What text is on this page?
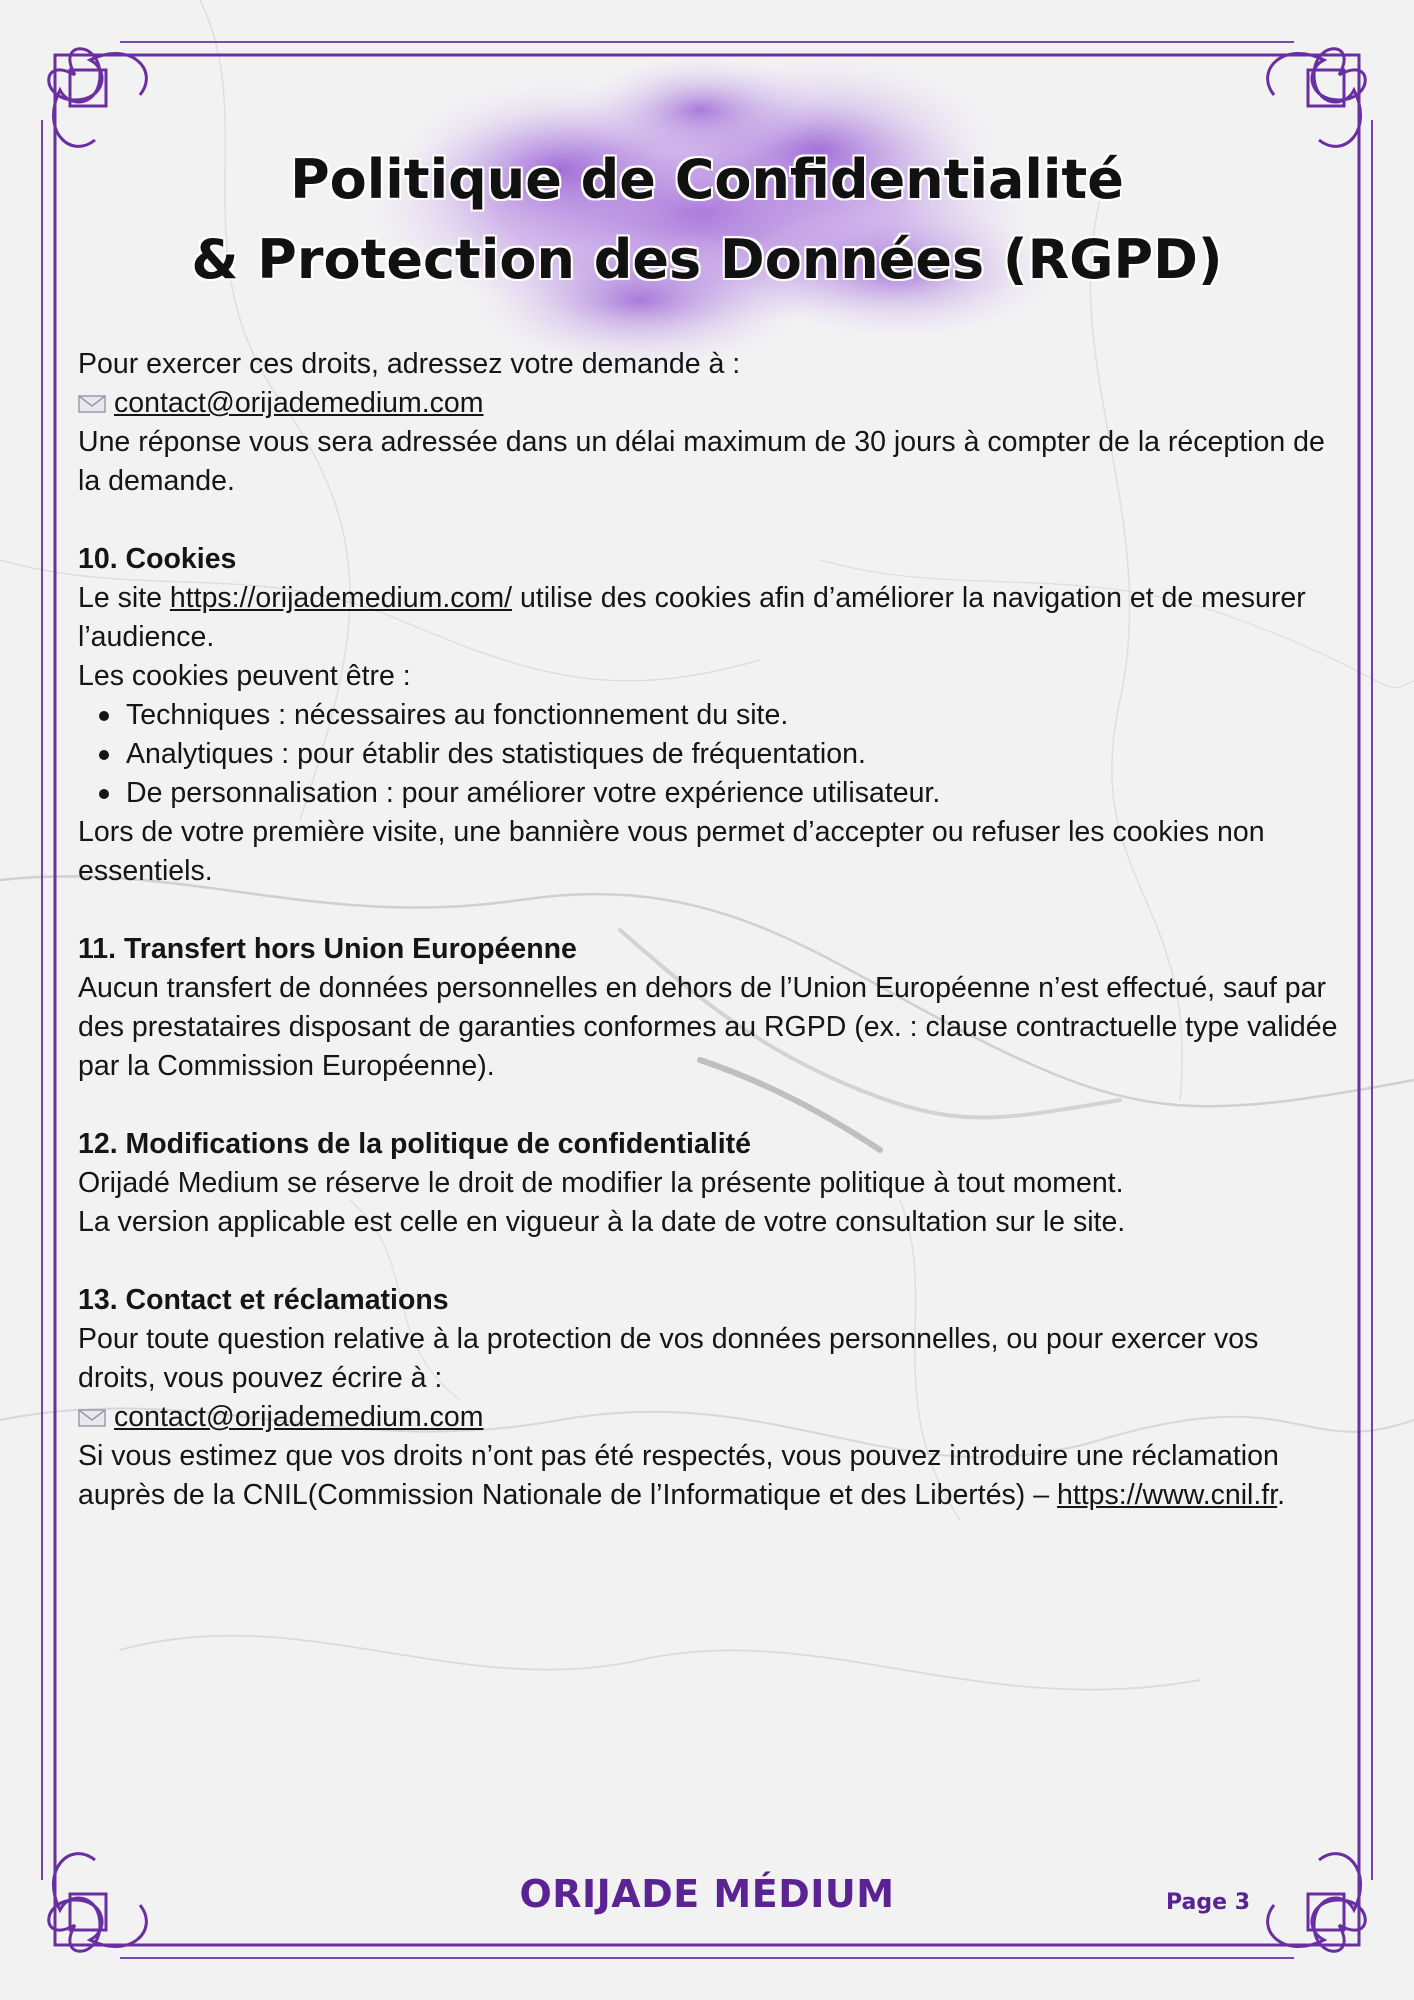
Politique de Confidentialité
& Protection des Données (RGPD)

Pour exercer ces droits, adressez votre demande à :

contact@orijademedium.com

Une réponse vous sera adressée dans un délai maximum de 30 jours à compter de la réception de la demande.

10. Cookies

Le site https://orijademedium.com/ utilise des cookies afin d’améliorer la navigation et de mesurer l’audience.

Les cookies peuvent être :

Techniques : nécessaires au fonctionnement du site.
Analytiques : pour établir des statistiques de fréquentation.
De personnalisation : pour améliorer votre expérience utilisateur.

Lors de votre première visite, une bannière vous permet d’accepter ou refuser les cookies non essentiels.

11. Transfert hors Union Européenne

Aucun transfert de données personnelles en dehors de l’Union Européenne n’est effectué, sauf par des prestataires disposant de garanties conformes au RGPD (ex. : clause contractuelle type validée par la Commission Européenne).

12. Modifications de la politique de confidentialité

Orijadé Medium se réserve le droit de modifier la présente politique à tout moment.

La version applicable est celle en vigueur à la date de votre consultation sur le site.

13. Contact et réclamations

Pour toute question relative à la protection de vos données personnelles, ou pour exercer vos droits, vous pouvez écrire à :

contact@orijademedium.com

Si vous estimez que vos droits n’ont pas été respectés, vous pouvez introduire une réclamation auprès de la CNIL(Commission Nationale de l’Informatique et des Libertés) – https://www.cnil.fr.

ORIJADE MÉDIUM	Page 3
